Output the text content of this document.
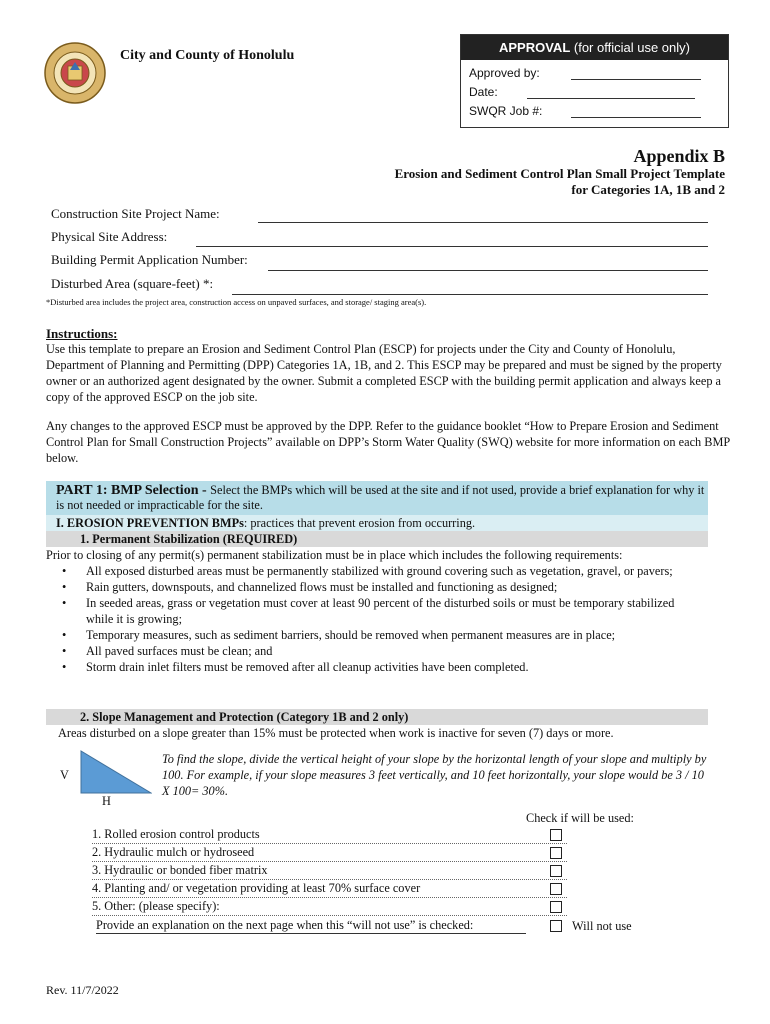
City and County of Honolulu
APPROVAL (for official use only)
Approved by:
Date:
SWQR Job #:
Appendix B
Erosion and Sediment Control Plan Small Project Template
for Categories 1A, 1B and 2
Construction Site Project Name:
Physical Site Address:
Building Permit Application Number:
Disturbed Area (square-feet) *:
*Disturbed area includes the project area, construction access on unpaved surfaces, and storage/ staging area(s).
Instructions:
Use this template to prepare an Erosion and Sediment Control Plan (ESCP) for projects under the City and County of Honolulu, Department of Planning and Permitting (DPP) Categories 1A, 1B, and 2. This ESCP may be prepared and must be signed by the property owner or an authorized agent designated by the owner. Submit a completed ESCP with the building permit application and always keep a copy of the approved ESCP on the job site.
Any changes to the approved ESCP must be approved by the DPP. Refer to the guidance booklet “How to Prepare Erosion and Sediment Control Plan for Small Construction Projects” available on DPP’s Storm Water Quality (SWQ) website for more information on each BMP below.
PART 1: BMP Selection - Select the BMPs which will be used at the site and if not used, provide a brief explanation for why it is not needed or impracticable for the site.
I. EROSION PREVENTION BMPs: practices that prevent erosion from occurring.
1. Permanent Stabilization (REQUIRED)
Prior to closing of any permit(s) permanent stabilization must be in place which includes the following requirements:
• All exposed disturbed areas must be permanently stabilized with ground covering such as vegetation, gravel, or pavers;
• Rain gutters, downspouts, and channelized flows must be installed and functioning as designed;
• In seeded areas, grass or vegetation must cover at least 90 percent of the disturbed soils or must be temporary stabilized while it is growing;
• Temporary measures, such as sediment barriers, should be removed when permanent measures are in place;
• All paved surfaces must be clean; and
• Storm drain inlet filters must be removed after all cleanup activities have been completed.
2. Slope Management and Protection (Category 1B and 2 only)
Areas disturbed on a slope greater than 15% must be protected when work is inactive for seven (7) days or more.
V
H
To find the slope, divide the vertical height of your slope by the horizontal length of your slope and multiply by 100. For example, if your slope measures 3 feet vertically, and 10 feet horizontally, your slope would be 3 / 10 X 100= 30%.
Check if will be used:
1. Rolled erosion control products
2. Hydraulic mulch or hydroseed
3. Hydraulic or bonded fiber matrix
4. Planting and/ or vegetation providing at least 70% surface cover
5. Other: (please specify):
Provide an explanation on the next page when this “will not use” is checked:	Will not use
Rev. 11/7/2022
